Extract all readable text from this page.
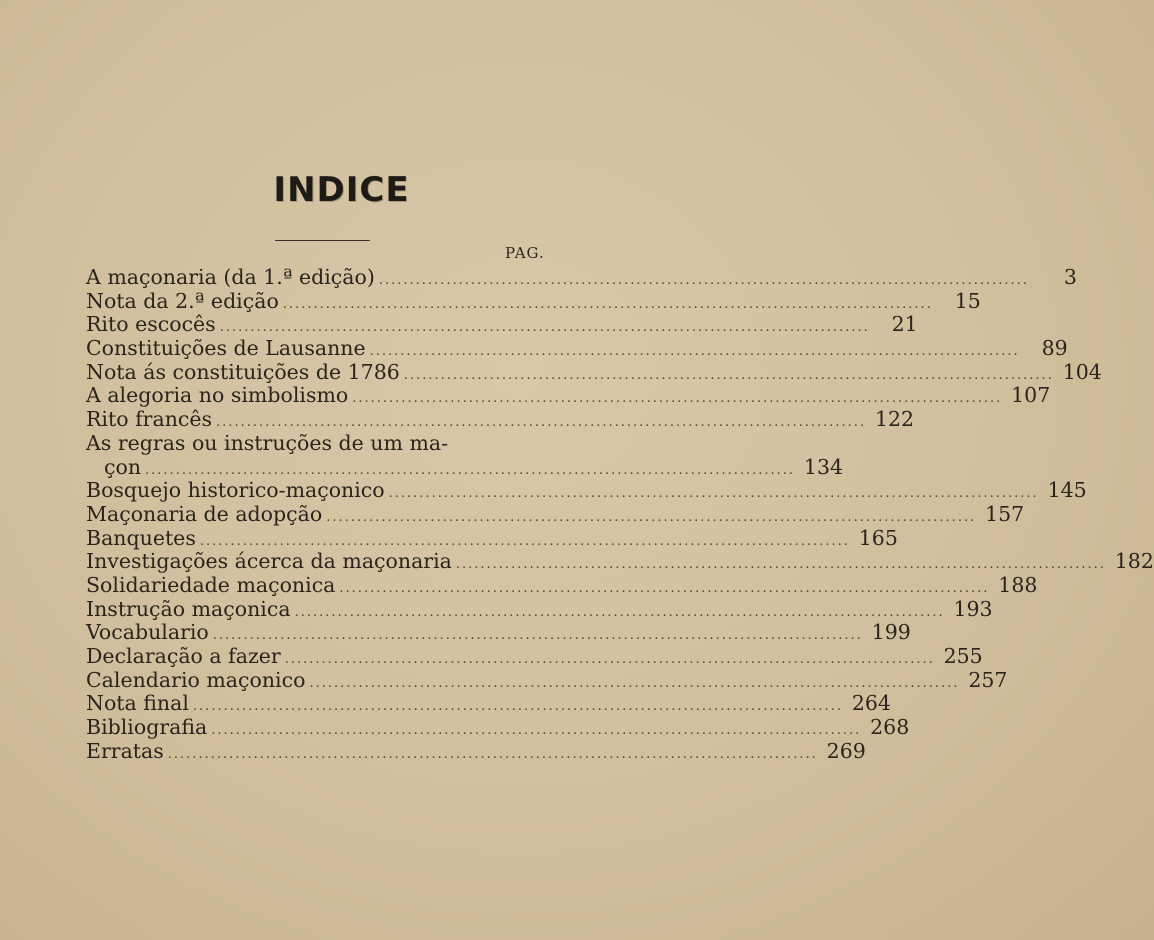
INDICE
PAG.
A maçonaria (da 1.ª edição) ..........................................................................................................	3
Nota da 2.ª edição ..........................................................................................................	15
Rito escocês ..........................................................................................................	21
Constituições de Lausanne ..........................................................................................................	89
Nota ás constituições de 1786 .......................................................................................................... 104
A alegoria no simbolismo .......................................................................................................... 107
Rito francês .......................................................................................................... 122
As regras ou instruções de um ma-
çon .......................................................................................................... 134
Bosquejo historico-maçonico .......................................................................................................... 145
Maçonaria de adopção .......................................................................................................... 157
Banquetes .......................................................................................................... 165
Investigações ácerca da maçonaria .......................................................................................................... 182
Solidariedade maçonica .......................................................................................................... 188
Instrução maçonica .......................................................................................................... 193
Vocabulario .......................................................................................................... 199
Declaração a fazer .......................................................................................................... 255
Calendario maçonico .......................................................................................................... 257
Nota final .......................................................................................................... 264
Bibliografia .......................................................................................................... 268
Erratas .......................................................................................................... 269
